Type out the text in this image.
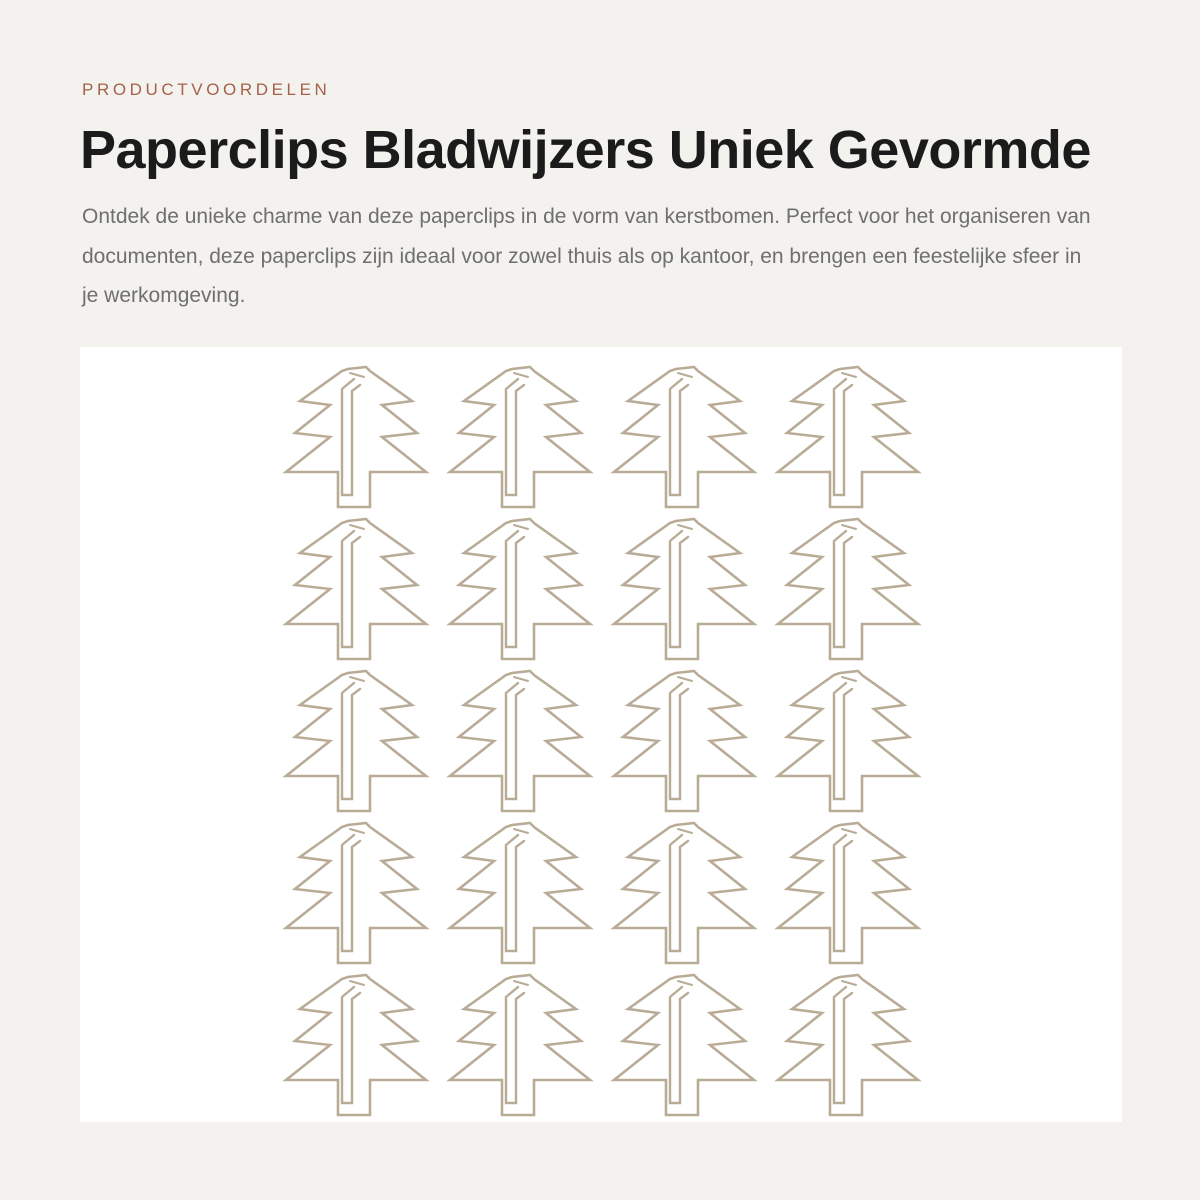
PRODUCTVOORDELEN
Paperclips Bladwijzers Uniek Gevormde

Ontdek de unieke charme van deze paperclips in de vorm van kerstbomen. Perfect voor het organiseren van documenten, deze paperclips zijn ideaal voor zowel thuis als op kantoor, en brengen een feestelijke sfeer in je werkomgeving.
